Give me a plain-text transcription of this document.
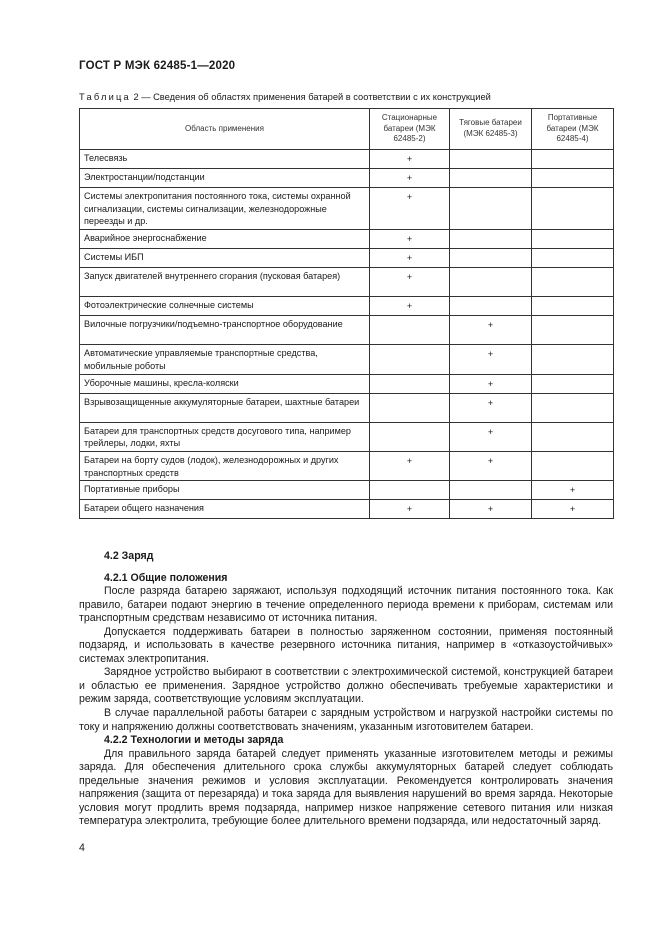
ГОСТ Р МЭК 62485-1—2020
Таблица 2 — Сведения об областях применения батарей в соответствии с их конструкцией
Область применения	Стационарные батареи (МЭК 62485-2)	Тяговые батареи (МЭК 62485-3)	Портативные батареи (МЭК 62485-4)
Телесвязь	+		
Электростанции/подстанции	+		
Системы электропитания постоянного тока, системы охранной сигнализации, системы сигнализации, железнодорожные переезды и др.	+		
Аварийное энергоснабжение	+		
Системы ИБП	+		
Запуск двигателей внутреннего сгорания (пусковая батарея)	+		
Фотоэлектрические солнечные системы	+		
Вилочные погрузчики/подъемно-транспортное оборудование		+	
Автоматические управляемые транспортные средства, мобильные роботы		+	
Уборочные машины, кресла-коляски		+	
Взрывозащищенные аккумуляторные батареи, шахтные батареи		+	
Батареи для транспортных средств досугового типа, например трейлеры, лодки, яхты		+	
Батареи на борту судов (лодок), железнодорожных и других транспортных средств	+	+	
Портативные приборы			+
Батареи общего назначения	+	+	+

4.2 Заряд

4.2.1 Общие положения

После разряда батарею заряжают, используя подходящий источник питания постоянного тока. Как правило, батареи подают энергию в течение определенного периода времени к приборам, системам или транспортным средствам независимо от источника питания.

Допускается поддерживать батареи в полностью заряженном состоянии, применяя постоянный подзаряд, и использовать в качестве резервного источника питания, например в «отказоустойчивых» системах электропитания.

Зарядное устройство выбирают в соответствии с электрохимической системой, конструкцией батареи и областью ее применения. Зарядное устройство должно обеспечивать требуемые характеристики и режим заряда, соответствующие условиям эксплуатации.

В случае параллельной работы батареи с зарядным устройством и нагрузкой настройки системы по току и напряжению должны соответствовать значениям, указанным изготовителем батареи.

4.2.2 Технологии и методы заряда

Для правильного заряда батарей следует применять указанные изготовителем методы и режимы заряда. Для обеспечения длительного срока службы аккумуляторных батарей следует соблюдать предельные значения режимов и условия эксплуатации. Рекомендуется контролировать значения напряжения (защита от перезаряда) и тока заряда для выявления нарушений во время заряда. Некоторые условия могут продлить время подзаряда, например низкое напряжение сетевого питания или низкая температура электролита, требующие более длительного времени подзаряда, или недостаточный заряд.

4
